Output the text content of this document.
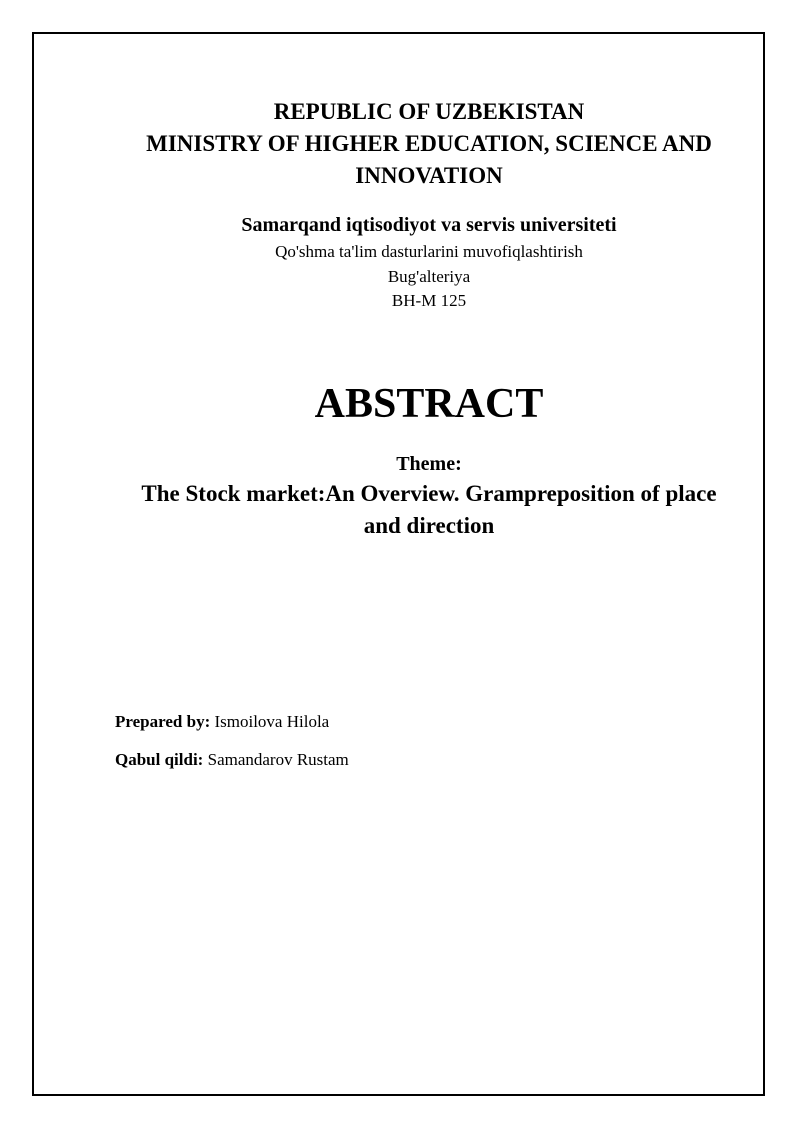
REPUBLIC OF UZBEKISTAN
MINISTRY OF HIGHER EDUCATION, SCIENCE AND
INNOVATION
Samarqand iqtisodiyot va servis universiteti
Qo'shma ta'lim dasturlarini muvofiqlashtirish
Bug'alteriya
BH-M 125
ABSTRACT
Theme:
The Stock market:An Overview. Grampreposition of place
and direction
Prepared by: Ismoilova Hilola
Qabul qildi: Samandarov Rustam
